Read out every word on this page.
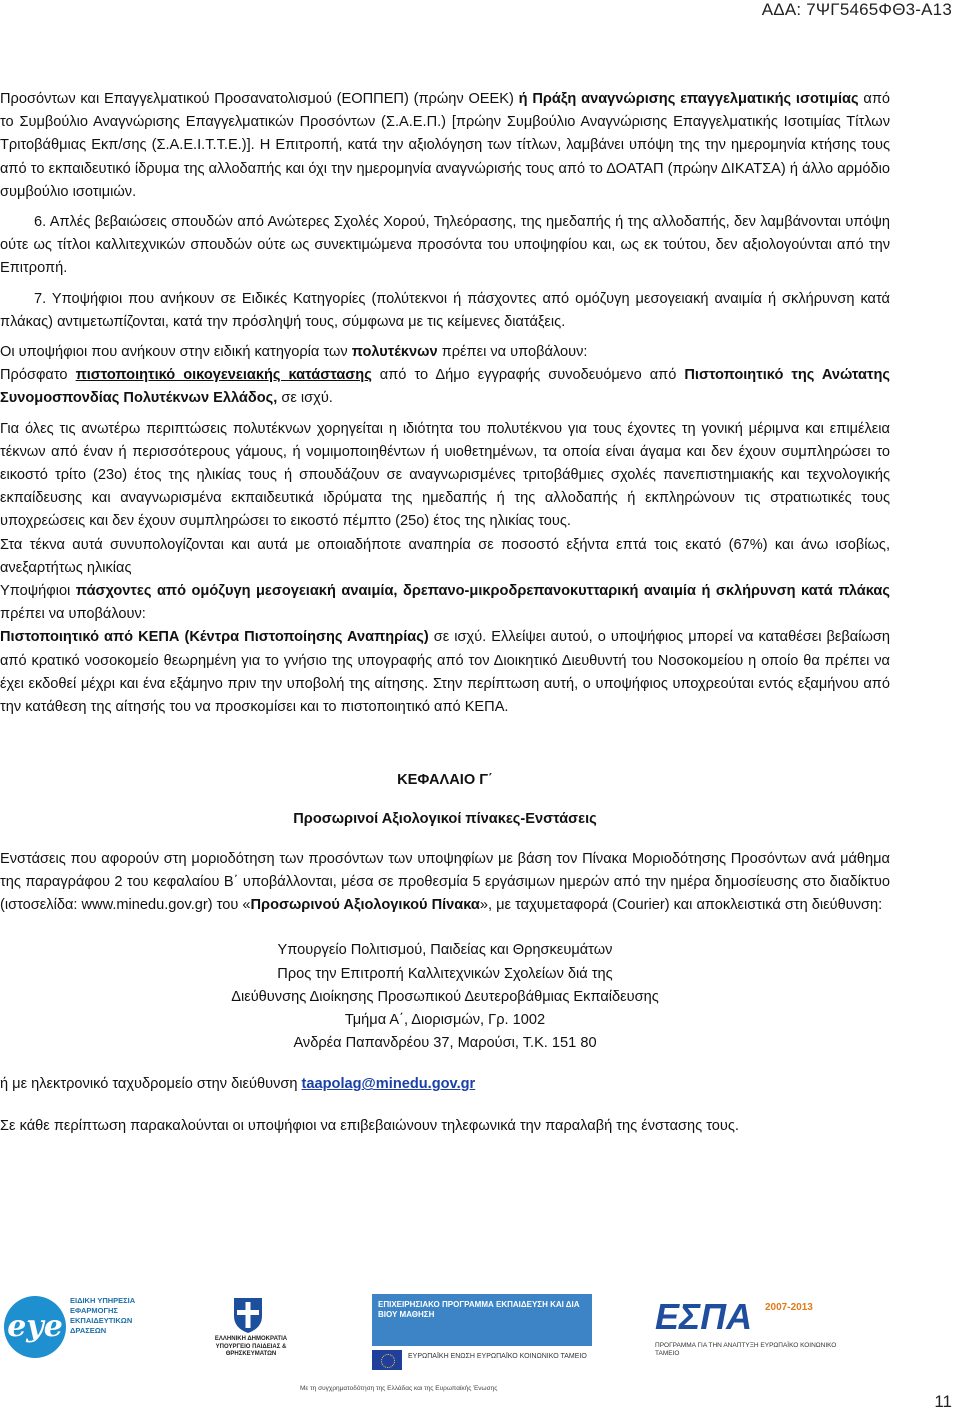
ΑΔΑ: 7ΨΓ5465ΦΘ3-Α13

Προσόντων και Επαγγελματικού Προσανατολισμού (ΕΟΠΠΕΠ) (πρώην ΟΕΕΚ) ή Πράξη αναγνώρισης επαγγελματικής ισοτιμίας από το Συμβούλιο Αναγνώρισης Επαγγελματικών Προσόντων (Σ.Α.Ε.Π.) [πρώην Συμβούλιο Αναγνώρισης Επαγγελματικής Ισοτιμίας Τίτλων Τριτοβάθμιας Εκπ/σης (Σ.Α.Ε.Ι.Τ.Τ.Ε.)]. Η Επιτροπή, κατά την αξιολόγηση των τίτλων, λαμβάνει υπόψη της την ημερομηνία κτήσης τους από το εκπαιδευτικό ίδρυμα της αλλοδαπής και όχι την ημερομηνία αναγνώρισής τους από το ΔΟΑΤΑΠ (πρώην ΔΙΚΑΤΣΑ) ή άλλο αρμόδιο συμβούλιο ισοτιμιών.

6. Απλές βεβαιώσεις σπουδών από Ανώτερες Σχολές Χορού, Τηλεόρασης, της ημεδαπής ή της αλλοδαπής, δεν λαμβάνονται υπόψη ούτε ως τίτλοι καλλιτεχνικών σπουδών ούτε ως συνεκτιμώμενα προσόντα του υποψηφίου και, ως εκ τούτου, δεν αξιολογούνται από την Επιτροπή.

7. Υποψήφιοι που ανήκουν σε Ειδικές Κατηγορίες (πολύτεκνοι ή πάσχοντες από ομόζυγη μεσογειακή αναιμία ή σκλήρυνση κατά πλάκας) αντιμετωπίζονται, κατά την πρόσληψή τους, σύμφωνα με τις κείμενες διατάξεις.

Οι υποψήφιοι που ανήκουν στην ειδική κατηγορία των πολυτέκνων πρέπει να υποβάλουν:

Πρόσφατο πιστοποιητικό οικογενειακής κατάστασης από το Δήμο εγγραφής συνοδευόμενο από Πιστοποιητικό της Ανώτατης Συνομοσπονδίας Πολυτέκνων Ελλάδος, σε ισχύ.

Για όλες τις ανωτέρω περιπτώσεις πολυτέκνων χορηγείται η ιδιότητα του πολυτέκνου για τους έχοντες τη γονική μέριμνα και επιμέλεια τέκνων από έναν ή περισσότερους γάμους, ή νομιμοποιηθέντων ή υιοθετημένων, τα οποία είναι άγαμα και δεν έχουν συμπληρώσει το εικοστό τρίτο (23ο) έτος της ηλικίας τους ή σπουδάζουν σε αναγνωρισμένες τριτοβάθμιες σχολές πανεπιστημιακής και τεχνολογικής εκπαίδευσης και αναγνωρισμένα εκπαιδευτικά ιδρύματα της ημεδαπής ή της αλλοδαπής ή εκπληρώνουν τις στρατιωτικές τους υποχρεώσεις και δεν έχουν συμπληρώσει το εικοστό πέμπτο (25ο) έτος της ηλικίας τους.

Στα τέκνα αυτά συνυπολογίζονται και αυτά με οποιαδήποτε αναπηρία σε ποσοστό εξήντα επτά τοις εκατό (67%) και άνω ισοβίως, ανεξαρτήτως ηλικίας

Υποψήφιοι πάσχοντες από ομόζυγη μεσογειακή αναιμία, δρεπανο-μικροδρεπανοκυτταρική αναιμία ή σκλήρυνση κατά πλάκας πρέπει να υποβάλουν:

Πιστοποιητικό από ΚΕΠΑ (Κέντρα Πιστοποίησης Αναπηρίας) σε ισχύ. Ελλείψει αυτού, ο υποψήφιος μπορεί να καταθέσει βεβαίωση από κρατικό νοσοκομείο θεωρημένη για το γνήσιο της υπογραφής από τον Διοικητικό Διευθυντή του Νοσοκομείου η οποίο θα πρέπει να έχει εκδοθεί μέχρι και ένα εξάμηνο πριν την υποβολή της αίτησης. Στην περίπτωση αυτή, ο υποψήφιος υποχρεούται εντός εξαμήνου από την κατάθεση της αίτησής του να προσκομίσει και το πιστοποιητικό από ΚΕΠΑ.

ΚΕΦΑΛΑΙΟ Γ΄

Προσωρινοί Αξιολογικοί πίνακες-Ενστάσεις

Ενστάσεις που αφορούν στη μοριοδότηση των προσόντων των υποψηφίων με βάση τον Πίνακα Μοριοδότησης Προσόντων ανά μάθημα της παραγράφου 2 του κεφαλαίου Β΄ υποβάλλονται, μέσα σε προθεσμία 5 εργάσιμων ημερών από την ημέρα δημοσίευσης στο διαδίκτυο (ιστοσελίδα: www.minedu.gov.gr) του «Προσωρινού Αξιολογικού Πίνακα», με ταχυμεταφορά (Courier) και αποκλειστικά στη διεύθυνση:

Υπουργείο Πολιτισμού, Παιδείας και Θρησκευμάτων

Προς την Επιτροπή Καλλιτεχνικών Σχολείων διά της

Διεύθυνσης Διοίκησης Προσωπικού Δευτεροβάθμιας Εκπαίδευσης

Τμήμα Α΄, Διορισμών, Γρ. 1002

Ανδρέα Παπανδρέου 37, Μαρούσι, Τ.Κ. 151 80

ή με ηλεκτρονικό ταχυδρομείο στην διεύθυνση taapolag@minedu.gov.gr

Σε κάθε περίπτωση παρακαλούνται οι υποψήφιοι να επιβεβαιώνουν τηλεφωνικά την παραλαβή της ένστασης τους.

eye
ΕΙΔΙΚΗ ΥΠΗΡΕΣΙΑ ΕΦΑΡΜΟΓΗΣ ΕΚΠΑΙΔΕΥΤΙΚΩΝ ΔΡΑΣΕΩΝ
ΕΛΛΗΝΙΚΗ ΔΗΜΟΚΡΑΤΙΑ ΥΠΟΥΡΓΕΙΟ ΠΑΙΔΕΙΑΣ & ΘΡΗΣΚΕΥΜΑΤΩΝ
ΕΠΙΧΕΙΡΗΣΙΑΚΟ ΠΡΟΓΡΑΜΜΑ ΕΚΠΑΙΔΕΥΣΗ ΚΑΙ ΔΙΑ ΒΙΟΥ ΜΑΘΗΣΗ
ΕΥΡΩΠΑΪΚΗ ΕΝΩΣΗ ΕΥΡΩΠΑΪΚΟ ΚΟΙΝΩΝΙΚΟ ΤΑΜΕΙΟ
ΕΣΠΑ 2007-2013
ΠΡΟΓΡΑΜΜΑ ΓΙΑ ΤΗΝ ΑΝΑΠΤΥΞΗ ΕΥΡΩΠΑΪΚΟ ΚΟΙΝΩΝΙΚΟ ΤΑΜΕΙΟ
Με τη συγχρηματοδότηση της Ελλάδας και της Ευρωπαϊκής Ένωσης
11
